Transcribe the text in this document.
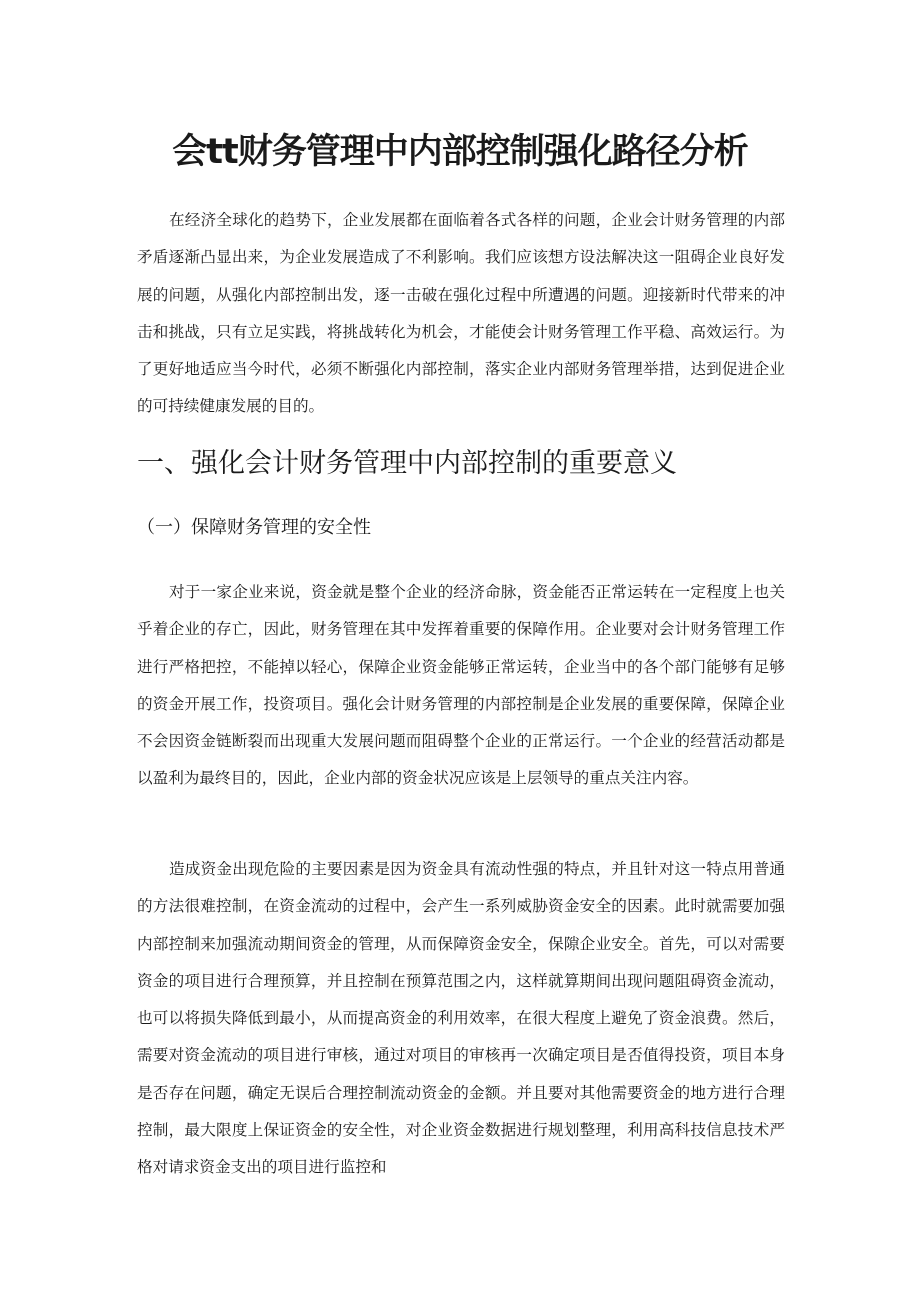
会tt财务管理中内部控制强化路径分析

在经济全球化的趋势下，企业发展都在面临着各式各样的问题，企业会计财务管理的内部矛盾逐渐凸显出来，为企业发展造成了不利影响。我们应该想方设法解决这一阻碍企业良好发展的问题，从强化内部控制出发，逐一击破在强化过程中所遭遇的问题。迎接新时代带来的冲击和挑战，只有立足实践，将挑战转化为机会，才能使会计财务管理工作平稳、高效运行。为了更好地适应当今时代，必须不断强化内部控制，落实企业内部财务管理举措，达到促进企业的可持续健康发展的目的。

一、强化会计财务管理中内部控制的重要意义
（一）保障财务管理的安全性

对于一家企业来说，资金就是整个企业的经济命脉，资金能否正常运转在一定程度上也关乎着企业的存亡，因此，财务管理在其中发挥着重要的保障作用。企业要对会计财务管理工作进行严格把控，不能掉以轻心，保障企业资金能够正常运转，企业当中的各个部门能够有足够的资金开展工作，投资项目。强化会计财务管理的内部控制是企业发展的重要保障，保障企业不会因资金链断裂而出现重大发展问题而阻碍整个企业的正常运行。一个企业的经营活动都是以盈利为最终目的，因此，企业内部的资金状况应该是上层领导的重点关注内容。

造成资金出现危险的主要因素是因为资金具有流动性强的特点，并且针对这一特点用普通的方法很难控制，在资金流动的过程中，会产生一系列威胁资金安全的因素。此时就需要加强内部控制来加强流动期间资金的管理，从而保障资金安全，保隙企业安全。首先，可以对需要资金的项目进行合理预算，并且控制在预算范围之内，这样就算期间出现问题阻碍资金流动，也可以将损失降低到最小，从而提高资金的利用效率，在很大程度上避免了资金浪费。然后，需要对资金流动的项目进行审核，通过对项目的审核再一次确定项目是否值得投资，项目本身是否存在问题，确定无误后合理控制流动资金的金额。并且要对其他需要资金的地方进行合理控制，最大限度上保证资金的安全性，对企业资金数据进行规划整理，利用高科技信息技术严格对请求资金支出的项目进行监控和
